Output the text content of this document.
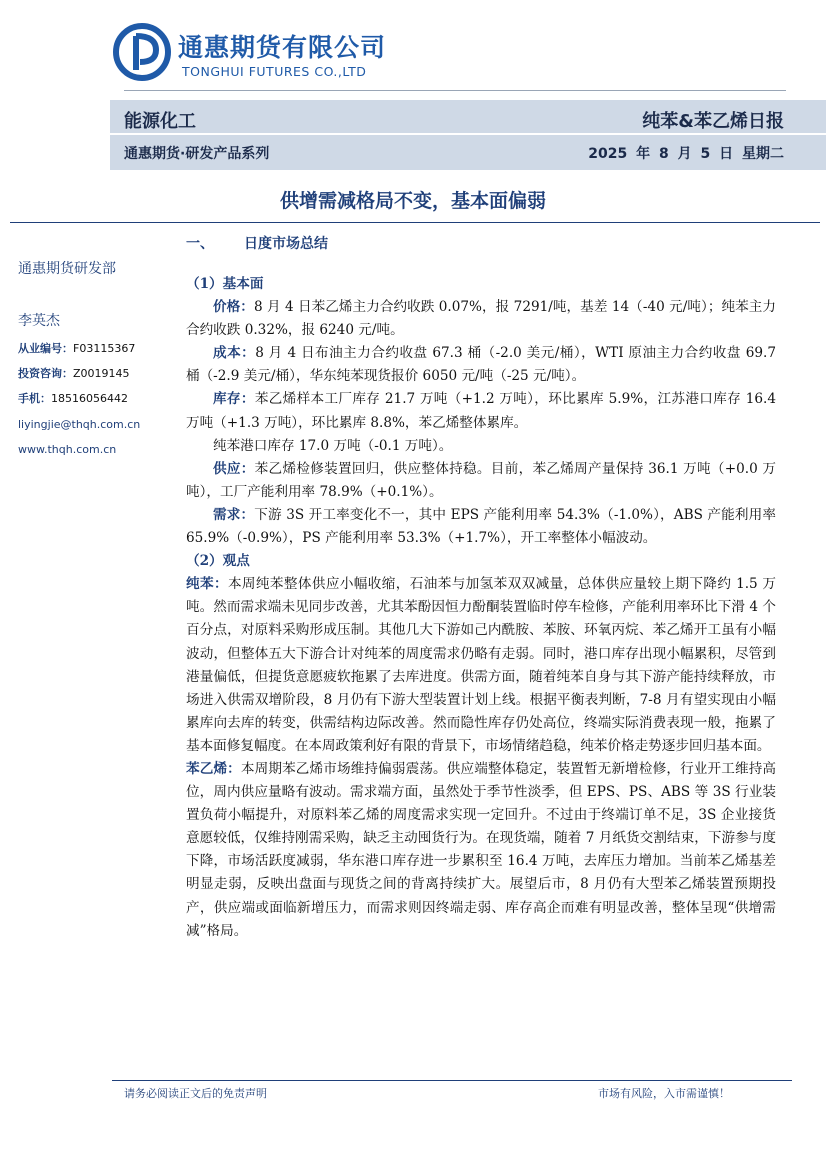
通惠期货有限公司
TONGHUI FUTURES CO.,LTD
能源化工	纯苯&苯乙烯日报
通惠期货·研发产品系列	2025 年 8 月 5 日 星期二
供增需减格局不变，基本面偏弱
一、 日度市场总结
通惠期货研发部
李英杰
从业编号：F03115367
投资咨询：Z0019145
手机：18516056442
liyingjie@thqh.com.cn
www.thqh.com.cn

（1）基本面

价格：8 月 4 日苯乙烯主力合约收跌 0.07%，报 7291/吨，基差 14（-40 元/吨）；纯苯主力合约收跌 0.32%，报 6240 元/吨。

成本：8 月 4 日布油主力合约收盘 67.3 桶（-2.0 美元/桶），WTI 原油主力合约收盘 69.7 桶（-2.9 美元/桶），华东纯苯现货报价 6050 元/吨（-25 元/吨）。

库存：苯乙烯样本工厂库存 21.7 万吨（+1.2 万吨），环比累库 5.9%，江苏港口库存 16.4 万吨（+1.3 万吨），环比累库 8.8%，苯乙烯整体累库。

纯苯港口库存 17.0 万吨（-0.1 万吨）。

供应：苯乙烯检修装置回归，供应整体持稳。目前，苯乙烯周产量保持 36.1 万吨（+0.0 万吨），工厂产能利用率 78.9%（+0.1%）。

需求：下游 3S 开工率变化不一，其中 EPS 产能利用率 54.3%（-1.0%），ABS 产能利用率 65.9%（-0.9%），PS 产能利用率 53.3%（+1.7%），开工率整体小幅波动。

（2）观点

纯苯：本周纯苯整体供应小幅收缩，石油苯与加氢苯双双减量，总体供应量较上期下降约 1.5 万吨。然而需求端未见同步改善，尤其苯酚因恒力酚酮装置临时停车检修，产能利用率环比下滑 4 个百分点，对原料采购形成压制。其他几大下游如己内酰胺、苯胺、环氧丙烷、苯乙烯开工虽有小幅波动，但整体五大下游合计对纯苯的周度需求仍略有走弱。同时，港口库存出现小幅累积，尽管到港量偏低，但提货意愿疲软拖累了去库进度。供需方面，随着纯苯自身与其下游产能持续释放，市场进入供需双增阶段，8 月仍有下游大型装置计划上线。根据平衡表判断，7-8 月有望实现由小幅累库向去库的转变，供需结构边际改善。然而隐性库存仍处高位，终端实际消费表现一般，拖累了基本面修复幅度。在本周政策利好有限的背景下，市场情绪趋稳，纯苯价格走势逐步回归基本面。

苯乙烯：本周期苯乙烯市场维持偏弱震荡。供应端整体稳定，装置暂无新增检修，行业开工维持高位，周内供应量略有波动。需求端方面，虽然处于季节性淡季，但 EPS、PS、ABS 等 3S 行业装置负荷小幅提升，对原料苯乙烯的周度需求实现一定回升。不过由于终端订单不足，3S 企业接货意愿较低，仅维持刚需采购，缺乏主动囤货行为。在现货端，随着 7 月纸货交割结束，下游参与度下降，市场活跃度减弱，华东港口库存进一步累积至 16.4 万吨，去库压力增加。当前苯乙烯基差明显走弱，反映出盘面与现货之间的背离持续扩大。展望后市，8 月仍有大型苯乙烯装置预期投产，供应端或面临新增压力，而需求则因终端走弱、库存高企而难有明显改善，整体呈现“供增需减”格局。

请务必阅读正文后的免责声明	市场有风险，入市需谨慎！
